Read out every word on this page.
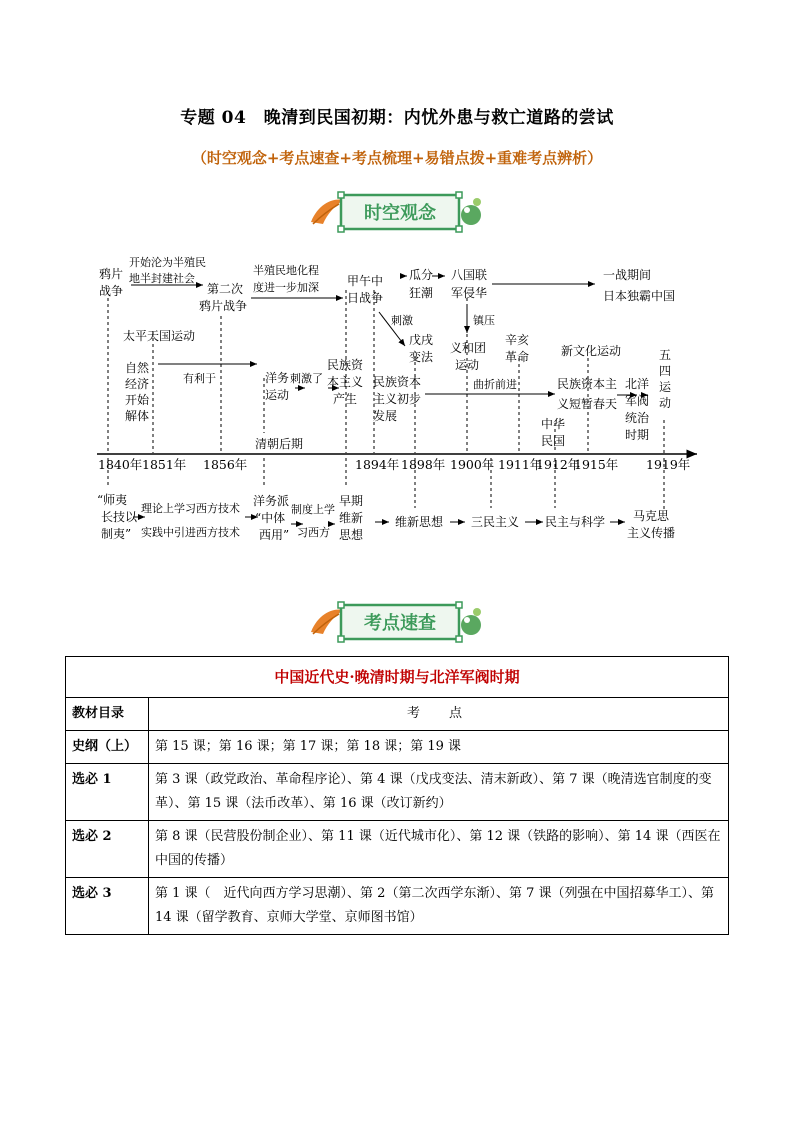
专题 04　晚清到民国初期：内忧外患与救亡道路的尝试
（时空观念+考点速查+考点梳理+易错点拨+重难考点辨析）
时空观念
1840年 1851年 1856年	1894年 1898年 1900年 1911年
1912年
1915年 1919年
鸦片 战争
开始沦为半殖民 地半封建社会
第二次 鸦片战争
半殖民地化程 度进一步加深 甲午中 日战争
瓜分 狂潮
八国联 军侵华
一战期间 日本独霸中国
太平天国运动
刺激
戊戌 变法
镇压
义和团 运动
辛亥 革命	新文化运动	五 四 运 动
自然 经济 开始 解体
有利于	洋务 运动
刺激了
民族资 本主义 产生
民族资本 主义初步 发展
曲折前进	民族资本主 义短暂春天
北洋 军阀 统治 时期
中华 民国
清朝后期
“师夷 长技以 制夷”
理论上学习西方技术 实践中引进西方技术
洋务派 “中体 西用”
制度上学 习西方
早期 维新 思想
维新思想 三民主义 民主与科学	马克思 主义传播
考点速查
中国近代史·晚清时期与北洋军阀时期	
教材目录	考　点
史纲（上）	第 15 课；第 16 课；第 17 课；第 18 课；第 19 课
选必 1	第 3 课（政党政治、革命程序论）、第 4 课（戊戌变法、清末新政）、第 7 课（晚清选官制度的变革）、第 15 课（法币改革）、第 16 课（改订新约）
选必 2	第 8 课（民营股份制企业）、第 11 课（近代城市化）、第 12 课（铁路的影响）、第 14 课（西医在中国的传播）
选必 3	第 1 课（　近代向西方学习思潮）、第 2（第二次西学东渐）、第 7 课（列强在中国招募华工）、第 14 课（留学教育、京师大学堂、京师图书馆）
